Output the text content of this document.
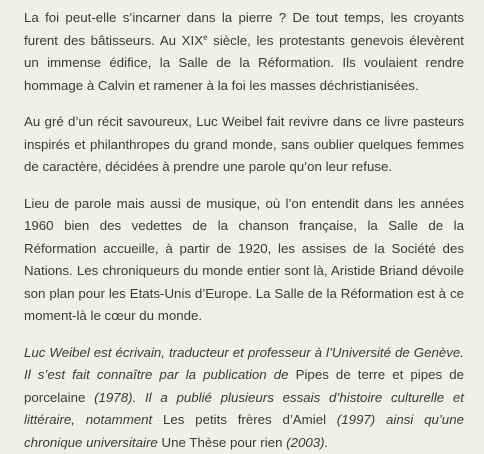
La foi peut-elle s’incarner dans la pierre ? De tout temps, les croyants furent des bâtisseurs. Au XIXe siècle, les protestants genevois élevèrent un immense édifice, la Salle de la Réformation. Ils voulaient rendre hommage à Calvin et ramener à la foi les masses déchristianisées.

Au gré d’un récit savoureux, Luc Weibel fait revivre dans ce livre pasteurs inspirés et philanthropes du grand monde, sans oublier quelques femmes de caractère, décidées à prendre une parole qu’on leur refuse.

Lieu de parole mais aussi de musique, où l’on entendit dans les années 1960 bien des vedettes de la chanson française, la Salle de la Réformation accueille, à partir de 1920, les assises de la Société des Nations. Les chroniqueurs du monde entier sont là, Aristide Briand dévoile son plan pour les Etats-Unis d’Europe. La Salle de la Réformation est à ce moment-là le cœur du monde.

Luc Weibel est écrivain, traducteur et professeur à l’Université de Genève. Il s’est fait connaître par la publication de Pipes de terre et pipes de porcelaine (1978). Il a publié plusieurs essais d’histoire culturelle et littéraire, notamment Les petits frères d’Amiel (1997) ainsi qu’une chronique universitaire Une Thèse pour rien (2003).
